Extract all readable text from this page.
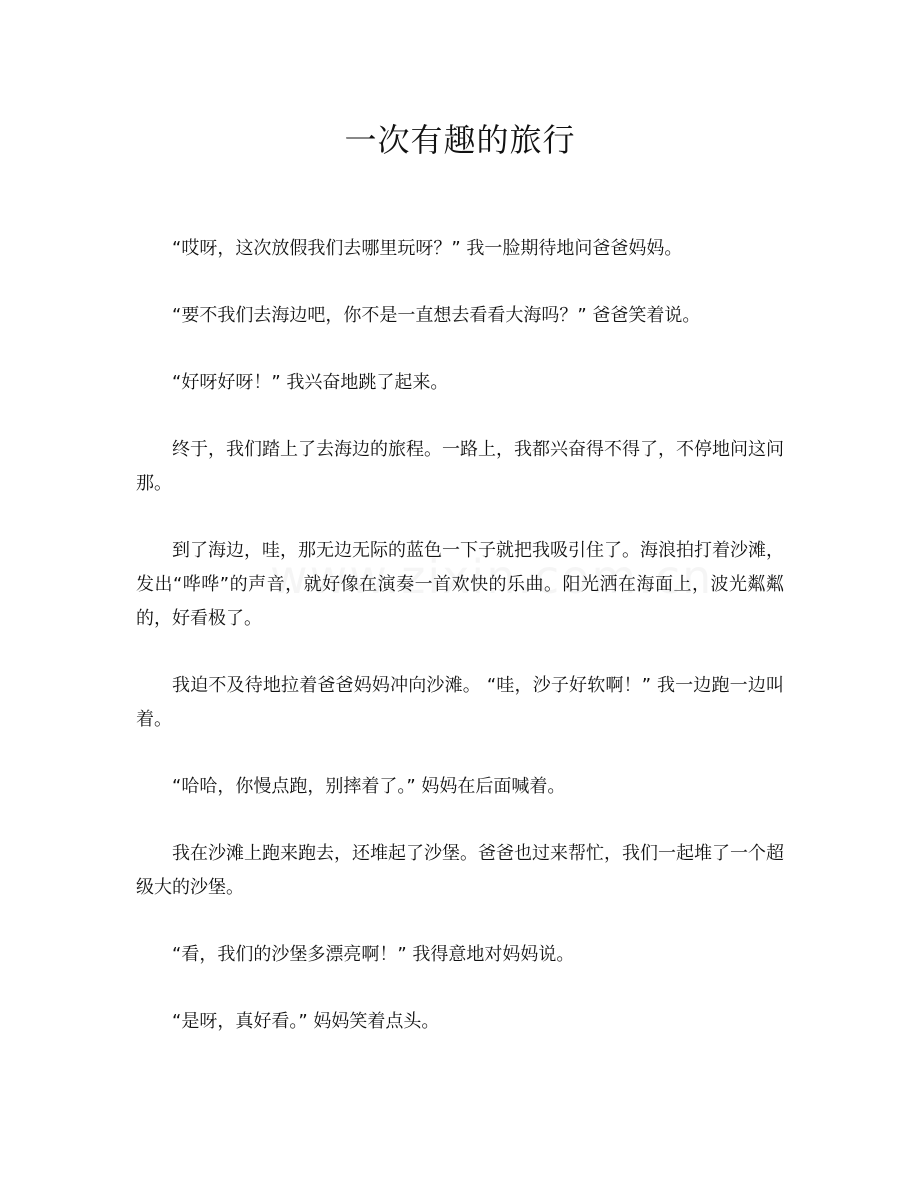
一次有趣的旅行

“哎呀，这次放假我们去哪里玩呀？” 我一脸期待地问爸爸妈妈。

“要不我们去海边吧，你不是一直想去看看大海吗？” 爸爸笑着说。

“好呀好呀！” 我兴奋地跳了起来。

终于，我们踏上了去海边的旅程。一路上，我都兴奋得不得了，不停地问这问那。

到了海边，哇，那无边无际的蓝色一下子就把我吸引住了。海浪拍打着沙滩，发出“哗哗”的声音，就好像在演奏一首欢快的乐曲。阳光洒在海面上，波光粼粼的，好看极了。

我迫不及待地拉着爸爸妈妈冲向沙滩。 “哇，沙子好软啊！” 我一边跑一边叫着。

“哈哈，你慢点跑，别摔着了。” 妈妈在后面喊着。

我在沙滩上跑来跑去，还堆起了沙堡。爸爸也过来帮忙，我们一起堆了一个超级大的沙堡。

“看，我们的沙堡多漂亮啊！” 我得意地对妈妈说。

“是呀，真好看。” 妈妈笑着点头。
